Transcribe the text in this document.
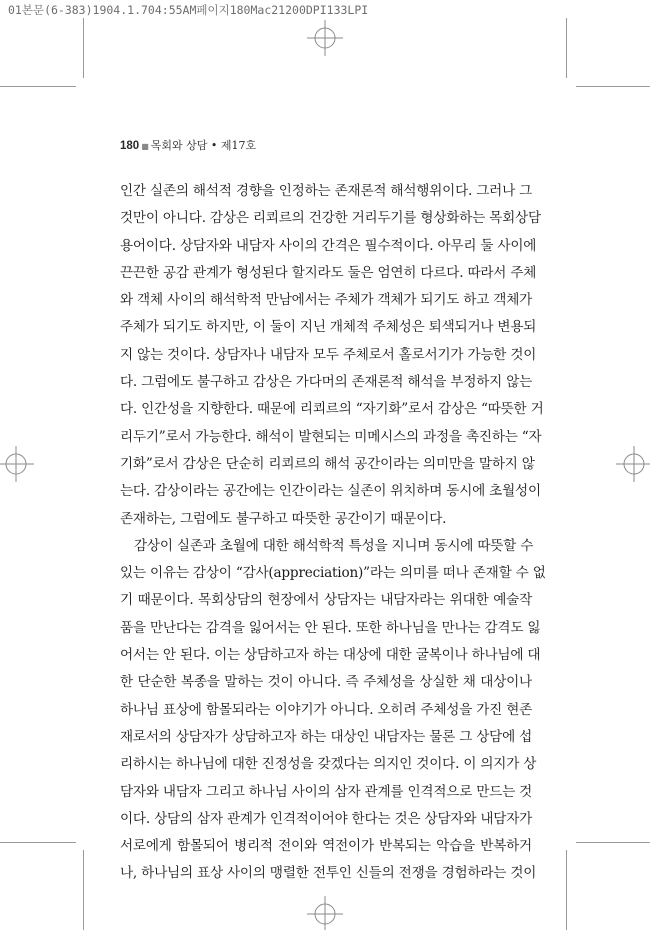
01본문(6-383)1904.1.704:55AM페이지180Mac21200DPI133LPI
180 ■ 목회와 상담 • 제17호
인간 실존의 해석적 경향을 인정하는 존재론적 해석행위이다. 그러나 그
것만이 아니다. 감상은 리쾨르의 건강한 거리두기를 형상화하는 목회상담
용어이다. 상담자와 내담자 사이의 간격은 필수적이다. 아무리 둘 사이에
끈끈한 공감 관계가 형성된다 할지라도 둘은 엄연히 다르다. 따라서 주체
와 객체 사이의 해석학적 만남에서는 주체가 객체가 되기도 하고 객체가
주체가 되기도 하지만, 이 둘이 지닌 개체적 주체성은 퇴색되거나 변용되
지 않는 것이다. 상담자나 내담자 모두 주체로서 홀로서기가 가능한 것이
다. 그럼에도 불구하고 감상은 가다머의 존재론적 해석을 부정하지 않는
다. 인간성을 지향한다. 때문에 리쾨르의 “자기화”로서 감상은 “따뜻한 거
리두기”로서 가능한다. 해석이 발현되는 미메시스의 과정을 촉진하는 “자
기화”로서 감상은 단순히 리쾨르의 해석 공간이라는 의미만을 말하지 않
는다. 감상이라는 공간에는 인간이라는 실존이 위치하며 동시에 초월성이
존재하는, 그럼에도 불구하고 따뜻한 공간이기 때문이다.
감상이 실존과 초월에 대한 해석학적 특성을 지니며 동시에 따뜻할 수
있는 이유는 감상이 “감사(appreciation)”라는 의미를 떠나 존재할 수 없
기 때문이다. 목회상담의 현장에서 상담자는 내담자라는 위대한 예술작
품을 만난다는 감격을 잃어서는 안 된다. 또한 하나님을 만나는 감격도 잃
어서는 안 된다. 이는 상담하고자 하는 대상에 대한 굴복이나 하나님에 대
한 단순한 복종을 말하는 것이 아니다. 즉 주체성을 상실한 채 대상이나
하나님 표상에 함몰되라는 이야기가 아니다. 오히려 주체성을 가진 현존
재로서의 상담자가 상담하고자 하는 대상인 내담자는 물론 그 상담에 섭
리하시는 하나님에 대한 진정성을 갖겠다는 의지인 것이다. 이 의지가 상
담자와 내담자 그리고 하나님 사이의 삼자 관계를 인격적으로 만드는 것
이다. 상담의 삼자 관계가 인격적이어야 한다는 것은 상담자와 내담자가
서로에게 함몰되어 병리적 전이와 역전이가 반복되는 악습을 반복하거
나, 하나님의 표상 사이의 맹렬한 전투인 신들의 전쟁을 경험하라는 것이
